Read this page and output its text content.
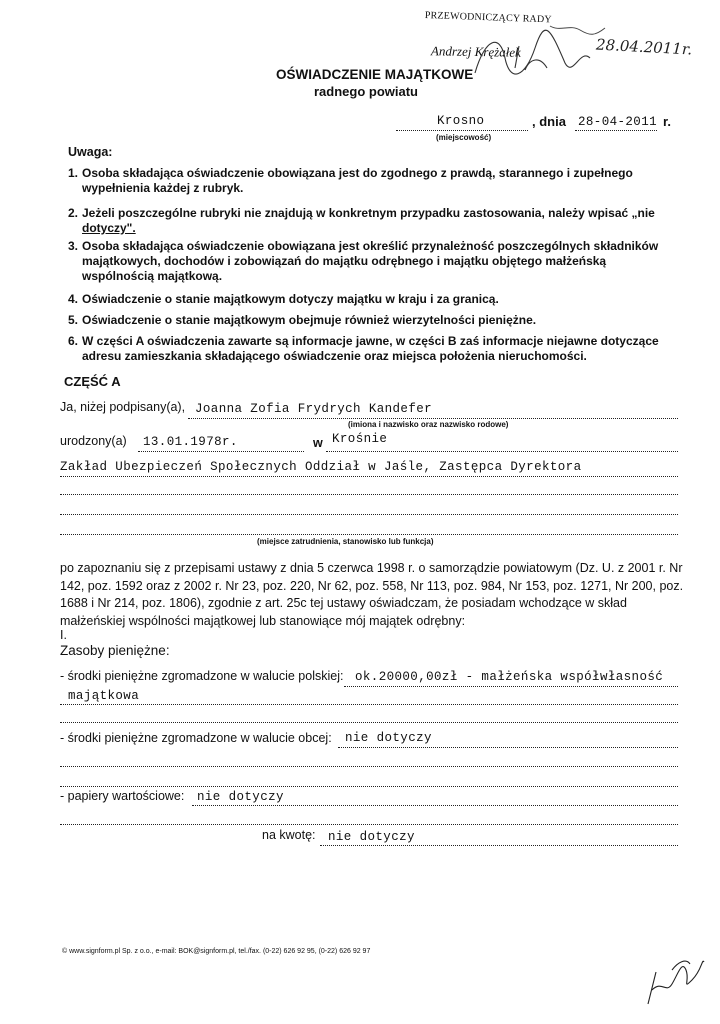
PRZEWODNICZĄCY RADY
Andrzej Krężałek	28.04.2011r.
OŚWIADCZENIE MAJĄTKOWE
radnego powiatu
Krosno	, dnia 28-04-2011 r.
(miejscowość)
Uwaga:
1. Osoba składająca oświadczenie obowiązana jest do zgodnego z prawdą, starannego i zupełnego
wypełnienia każdej z rubryk.
2. Jeżeli poszczególne rubryki nie znajdują w konkretnym przypadku zastosowania, należy wpisać „nie
dotyczy".
3. Osoba składająca oświadczenie obowiązana jest określić przynależność poszczególnych składników
majątkowych, dochodów i zobowiązań do majątku odrębnego i majątku objętego małżeńską
wspólnością majątkową.
4. Oświadczenie o stanie majątkowym dotyczy majątku w kraju i za granicą.
5. Oświadczenie o stanie majątkowym obejmuje również wierzytelności pieniężne.
6. W części A oświadczenia zawarte są informacje jawne, w części B zaś informacje niejawne dotyczące
adresu zamieszkania składającego oświadczenie oraz miejsca położenia nieruchomości.
CZĘŚĆ A
Ja, niżej podpisany(a), Joanna Zofia Frydrych Kandefer
(imiona i nazwisko oraz nazwisko rodowe)
urodzony(a) 13.01.1978r.	w Krośnie
Zakład Ubezpieczeń Społecznych Oddział w Jaśle, Zastępca Dyrektora
(miejsce zatrudnienia, stanowisko lub funkcja)
po zapoznaniu się z przepisami ustawy z dnia 5 czerwca 1998 r. o samorządzie powiatowym (Dz. U. z 2001 r. Nr
142, poz. 1592 oraz z 2002 r. Nr 23, poz. 220, Nr 62, poz. 558, Nr 113, poz. 984, Nr 153, poz. 1271, Nr 200, poz.
1688 i Nr 214, poz. 1806), zgodnie z art. 25c tej ustawy oświadczam, że posiadam wchodzące w skład
małżeńskiej wspólności majątkowej lub stanowiące mój majątek odrębny:
I.
Zasoby pieniężne:
- środki pieniężne zgromadzone w walucie polskiej: ok.20000,00zł - małżeńska współwłasność
majątkowa
- środki pieniężne zgromadzone w walucie obcej: nie dotyczy
- papiery wartościowe: nie dotyczy
na kwotę: nie dotyczy
© www.signform.pl Sp. z o.o., e-mail: BOK@signform.pl, tel./fax. (0-22) 626 92 95, (0-22) 626 92 97
